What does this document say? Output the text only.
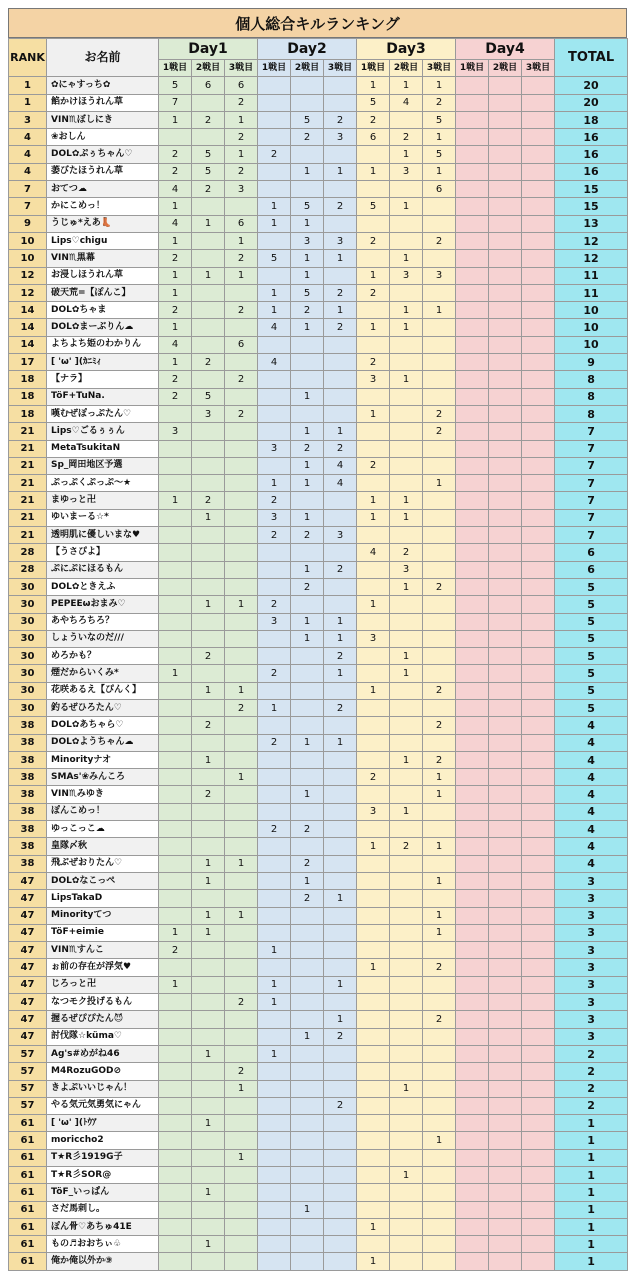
個人総合キルランキング
RANK	お名前	Day1			Day2			Day3			Day4			TOTAL
		1戦目	2戦目	3戦目	1戦目	2戦目	3戦目	1戦目	2戦目	3戦目	1戦目	2戦目	3戦目	
1	✿にゃすっち✿	5	6	6				1	1	1				20
1	餡かけほうれん草	7		2				5	4	2				20
3	VIN♏ぼしにき	1	2	1		5	2	2		5				18
4	❀おしん			2		2	3	6	2	1				16
4	DOL✿ぷぅちゃん♡	2	5	1	2				1	5				16
4	萎びたほうれん草	2	5	2		1	1	1	3	1				16
7	おてつ☁	4	2	3						6				15
7	かにこめっ！	1			1	5	2	5	1					15
9	うじゅ*えあ👢	4	1	6	1	1								13
10	Lips♡chigu	1		1		3	3	2		2				12
10	VIN♏黒幕	2		2	5	1	1		1					12
12	お浸しほうれん草	1	1	1		1		1	3	3				11
12	破天荒=【ぽんこ】	1			1	5	2	2						11
14	DOL✿ちゃま	2		2	1	2	1		1	1				10
14	DOL✿まーぶりん☁	1			4	1	2	1	1					10
14	よちよち姫のわかりん	4		6										10
17	[ 'ω' ](ｶﾆﾐｨ	1	2		4			2						9
18	【ナラ】	2		2				3	1					8
18	TöF+TuNa.	2	5			1								8
18	嘆むぜぽっぷたん♡		3	2				1		2				8
21	Lips♡ごるぅぅん	3				1	1			2				7
21	MetaTsukitaN				3	2	2							7
21	Sp_岡田地区予選					1	4	2						7
21	ぷっぷくぷっぷ〜★				1	1	4			1				7
21	まゆっと卍	1	2		2			1	1					7
21	ゆいまーる☆*		1		3	1		1	1					7
21	透明肌に優しいまな♥				2	2	3							7
28	【うさぴよ】							4	2					6
28	ぷにぷにほるもん					1	2		3					6
30	DOL✿ときえふ					2			1	2				5
30	PEPEEωおまみ♡		1	1	2			1						5
30	あやちろちろ？				3	1	1							5
30	しょういなのだ///					1	1	3						5
30	めろかも？		2				2		1					5
30	煙だからいくみ*	1			2		1		1					5
30	花咲あるえ【ぴんく】		1	1				1		2				5
30	釣るぜひろたん♡			2	1		2							5
38	DOL✿あちゃら♡		2							2				4
38	DOL✿ようちゃん☁				2	1	1							4
38	Minorityナオ		1						1	2				4
38	SMAs'❀みんころ			1				2		1				4
38	VIN♏みゆき		2			1				1				4
38	ぽんこめっ！							3	1					4
38	ゆっこっこ☁				2	2								4
38	皇隊〆秋							1	2	1				4
38	飛ぶぜおりたん♡		1	1		2								4
47	DOL✿なこっぺ		1			1				1				3
47	LipsTakaD					2	1							3
47	Minorityてつ		1	1						1				3
47	TöF+eimie	1	1							1				3
47	VIN♏すんこ	2			1									3
47	ぉ前の存在が浮気♥							1		2				3
47	じろっと卍	1			1		1							3
47	なつモク投げるもん			2	1									3
47	握るぜぴぴたん😈						1			2				3
47	討伐隊☆küma♡					1	2							3
57	Ag's#めがね46		1		1									2
57	M4RozuGOD⊘			2										2
57	きよぷいいじゃん！			1					1					2
57	やる気元気勇気にゃん						2							2
61	[ 'ω' ](ﾄｳｱ		1											1
61	moriccho2									1				1
61	T★R彡1919G子			1										1
61	T★R彡SOR@								1					1
61	TöF_いっぱん		1											1
61	さだ馬刺し。					1								1
61	ぽん骨♡あちゅ41E							1						1
61	もの♬おおちぃ♧		1											1
61	俺か俺以外か⑨							1						1
